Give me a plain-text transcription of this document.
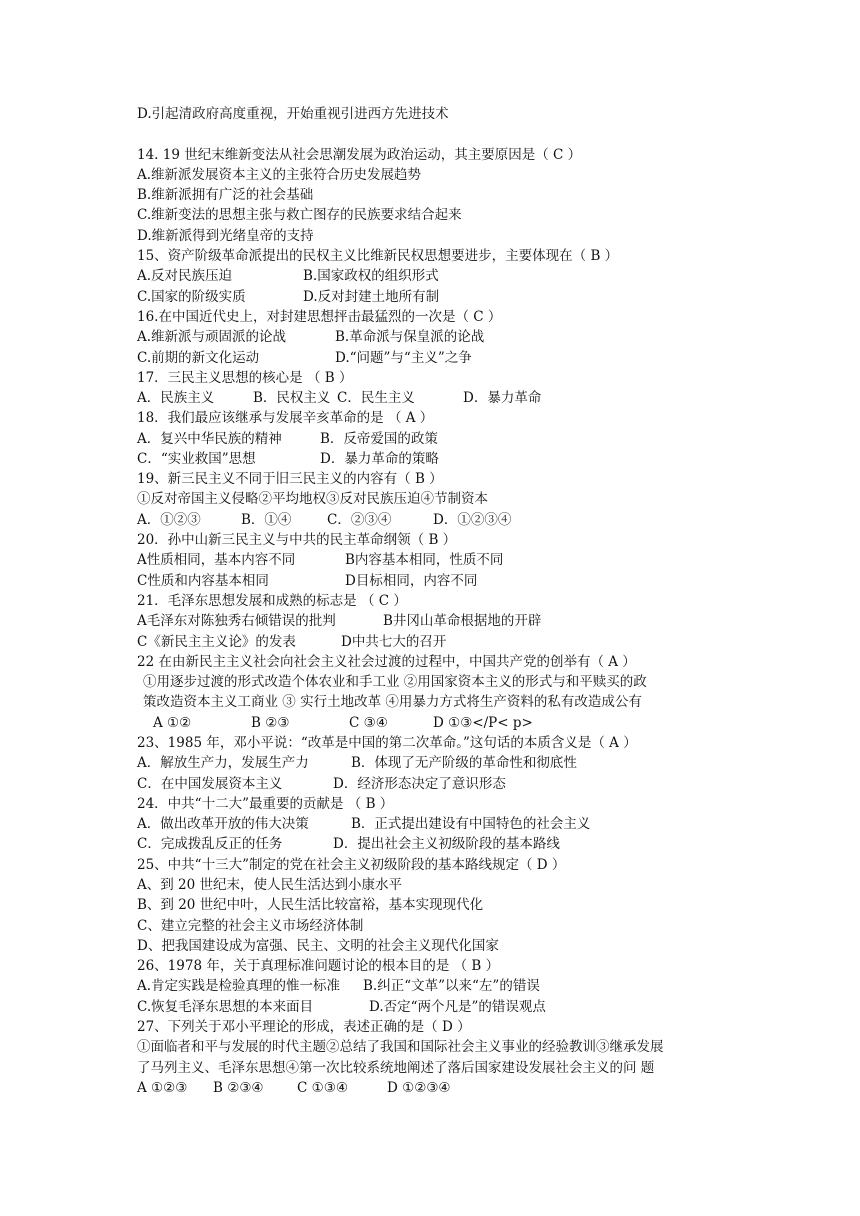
D.引起清政府高度重视，开始重视引进西方先进技术

14. 19 世纪末维新变法从社会思潮发展为政治运动，其主要原因是（ C ）

A.维新派发展资本主义的主张符合历史发展趋势

B.维新派拥有广泛的社会基础

C.维新变法的思想主张与救亡图存的民族要求结合起来

D.维新派得到光绪皇帝的支持

15、资产阶级革命派提出的民权主义比维新民权思想要进步，主要体现在（ B ）

A.反对民族压迫	B.国家政权的组织形式

C.国家的阶级实质	D.反对封建土地所有制

16.在中国近代史上，对封建思想抨击最猛烈的一次是（ C ）

A.维新派与顽固派的论战	B.革命派与保皇派的论战

C.前期的新文化运动	D.“问题”与“主义”之争

17．三民主义思想的核心是 （ B ）

A．民族主义	B．民权主义 C．民生主义	D．暴力革命

18．我们最应该继承与发展辛亥革命的是 （ A ）

A．复兴中华民族的精神	B．反帝爱国的政策

C．“实业救国”思想	D．暴力革命的策略

19、新三民主义不同于旧三民主义的内容有（ B ）

①反对帝国主义侵略②平均地权③反对民族压迫④节制资本

A．①②③	B．①④	C．②③④	D．①②③④

20．孙中山新三民主义与中共的民主革命纲领（ B ）

A性质相同，基本内容不同	B内容基本相同，性质不同

C性质和内容基本相同	D目标相同，内容不同

21．毛泽东思想发展和成熟的标志是 （ C ）

A毛泽东对陈独秀右倾错误的批判	B井冈山革命根据地的开辟

C《新民主主义论》的发表	D中共七大的召开

22 在由新民主主义社会向社会主义社会过渡的过程中，中国共产党的创举有（ A ）

①用逐步过渡的形式改造个体农业和手工业 ②用国家资本主义的形式与和平赎买的政

策改造资本主义工商业 ③ 实行土地改革 ④用暴力方式将生产资料的私有改造成公有

A ①②	B ②③	C ③④	D ①③</P< p>

23、1985 年，邓小平说：“改革是中国的第二次革命。”这句话的本质含义是（ A ）

A．解放生产力，发展生产力	B．体现了无产阶级的革命性和彻底性

C．在中国发展资本主义	D．经济形态决定了意识形态

24．中共“十二大”最重要的贡献是 （ B ）

A．做出改革开放的伟大决策	B．正式提出建设有中国特色的社会主义

C．完成拨乱反正的任务	D．提出社会主义初级阶段的基本路线

25、中共“十三大”制定的党在社会主义初级阶段的基本路线规定（ D ）

A、到 20 世纪末，使人民生活达到小康水平

B、到 20 世纪中叶，人民生活比较富裕，基本实现现代化

C、建立完整的社会主义市场经济体制

D、把我国建设成为富强、民主、文明的社会主义现代化国家

26、1978 年，关于真理标准问题讨论的根本目的是 （ B ）

A.肯定实践是检验真理的惟一标准 B.纠正“文革”以来“左”的错误

C.恢复毛泽东思想的本来面目	D.否定“两个凡是”的错误观点

27、下列关于邓小平理论的形成，表述正确的是（ D ）

①面临者和平与发展的时代主题②总结了我国和国际社会主义事业的经验教训③继承发展

了马列主义、毛泽东思想④第一次比较系统地阐述了落后国家建设发展社会主义的问 题

A ①②③ B ②③④ C ①③④	D ①②③④
